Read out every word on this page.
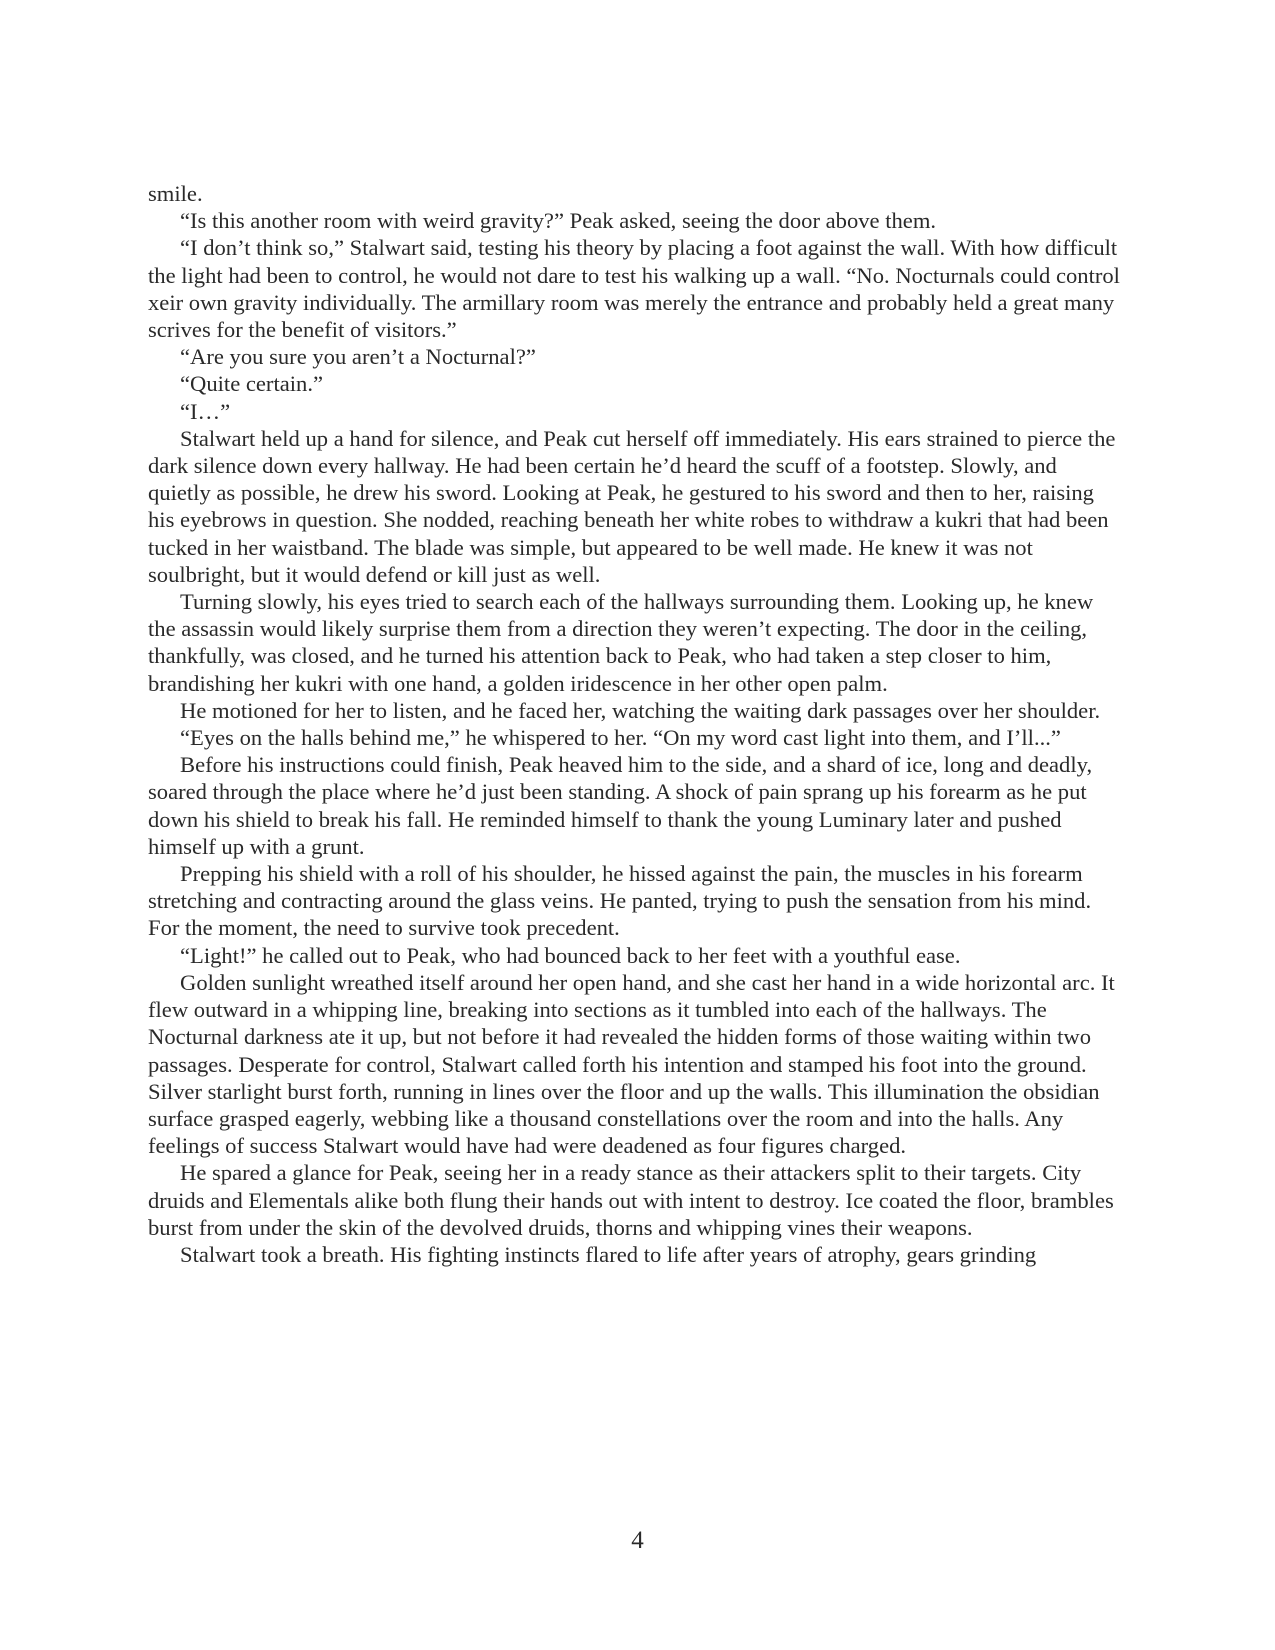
smile.

“Is this another room with weird gravity?” Peak asked, seeing the door above them.

“I don’t think so,” Stalwart said, testing his theory by placing a foot against the wall. With how difficult the light had been to control, he would not dare to test his walking up a wall. “No. Nocturnals could control xeir own gravity individually. The armillary room was merely the entrance and probably held a great many scrives for the benefit of visitors.”

“Are you sure you aren’t a Nocturnal?”

“Quite certain.”

“I…”

Stalwart held up a hand for silence, and Peak cut herself off immediately. His ears strained to pierce the dark silence down every hallway. He had been certain he’d heard the scuff of a footstep. Slowly, and quietly as possible, he drew his sword. Looking at Peak, he gestured to his sword and then to her, raising his eyebrows in question. She nodded, reaching beneath her white robes to withdraw a kukri that had been tucked in her waistband. The blade was simple, but appeared to be well made. He knew it was not soulbright, but it would defend or kill just as well.

Turning slowly, his eyes tried to search each of the hallways surrounding them. Looking up, he knew the assassin would likely surprise them from a direction they weren’t expecting. The door in the ceiling, thankfully, was closed, and he turned his attention back to Peak, who had taken a step closer to him, brandishing her kukri with one hand, a golden iridescence in her other open palm.

He motioned for her to listen, and he faced her, watching the waiting dark passages over her shoulder.

“Eyes on the halls behind me,” he whispered to her. “On my word cast light into them, and I’ll...”

Before his instructions could finish, Peak heaved him to the side, and a shard of ice, long and deadly, soared through the place where he’d just been standing. A shock of pain sprang up his forearm as he put down his shield to break his fall. He reminded himself to thank the young Luminary later and pushed himself up with a grunt.

Prepping his shield with a roll of his shoulder, he hissed against the pain, the muscles in his forearm stretching and contracting around the glass veins. He panted, trying to push the sensation from his mind. For the moment, the need to survive took precedent.

“Light!” he called out to Peak, who had bounced back to her feet with a youthful ease.

Golden sunlight wreathed itself around her open hand, and she cast her hand in a wide horizontal arc. It flew outward in a whipping line, breaking into sections as it tumbled into each of the hallways. The Nocturnal darkness ate it up, but not before it had revealed the hidden forms of those waiting within two passages. Desperate for control, Stalwart called forth his intention and stamped his foot into the ground. Silver starlight burst forth, running in lines over the floor and up the walls. This illumination the obsidian surface grasped eagerly, webbing like a thousand constellations over the room and into the halls. Any feelings of success Stalwart would have had were deadened as four figures charged.

He spared a glance for Peak, seeing her in a ready stance as their attackers split to their targets. City druids and Elementals alike both flung their hands out with intent to destroy. Ice coated the floor, brambles burst from under the skin of the devolved druids, thorns and whipping vines their weapons.

Stalwart took a breath. His fighting instincts flared to life after years of atrophy, gears grinding

4
